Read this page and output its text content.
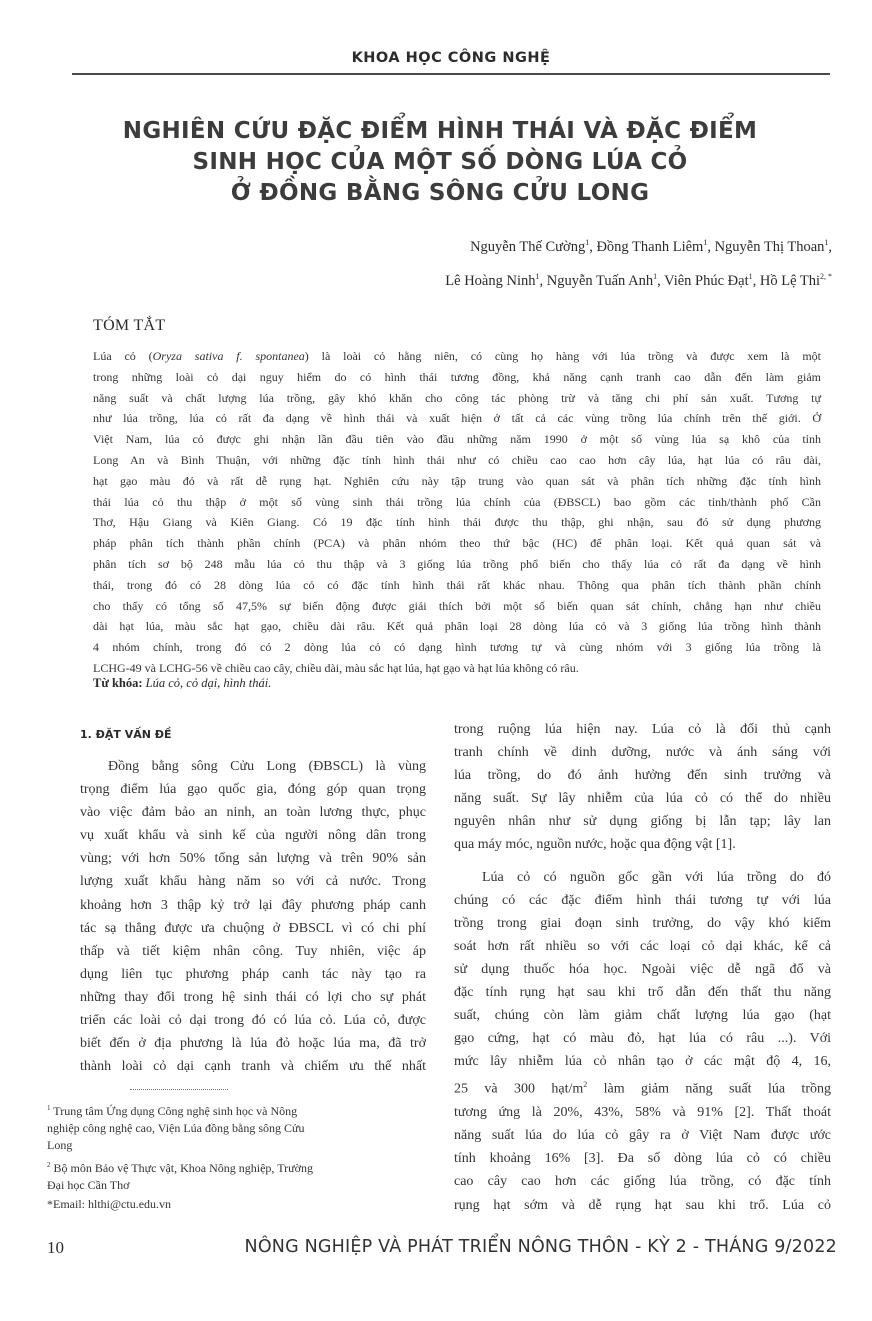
KHOA HỌC CÔNG NGHỆ
NGHIÊN CỨU ĐẶC ĐIỂM HÌNH THÁI VÀ ĐẶC ĐIỂM
SINH HỌC CỦA MỘT SỐ DÒNG LÚA CỎ
Ở ĐỒNG BẰNG SÔNG CỬU LONG
Nguyễn Thế Cường$^1$, Đồng Thanh Liêm$^1$, Nguyễn Thị Thoan$^1$,
Lê Hoàng Ninh$^1$, Nguyễn Tuấn Anh$^1$, Viên Phúc Đạt$^1$, Hồ Lệ Thi$^{2, *}$
TÓM TẮT
Lúa cỏ (Oryza sativa f. spontanea) là loài cỏ hằng niên, có cùng họ hàng với lúa trồng và được xem là một
trong những loài cỏ dại nguy hiểm do có hình thái tương đồng, khả năng cạnh tranh cao dẫn đến làm giảm
năng suất và chất lượng lúa trồng, gây khó khăn cho công tác phòng trừ và tăng chi phí sản xuất. Tương tự
như lúa trồng, lúa cỏ rất đa dạng về hình thái và xuất hiện ở tất cả các vùng trồng lúa chính trên thế giới. Ở
Việt Nam, lúa cỏ được ghi nhận lần đầu tiên vào đầu những năm 1990 ở một số vùng lúa sạ khô của tỉnh
Long An và Bình Thuận, với những đặc tính hình thái như có chiều cao cao hơn cây lúa, hạt lúa có râu dài,
hạt gạo màu đỏ và rất dễ rụng hạt. Nghiên cứu này tập trung vào quan sát và phân tích những đặc tính hình
thái lúa cỏ thu thập ở một số vùng sinh thái trồng lúa chính của (ĐBSCL) bao gồm các tỉnh/thành phố Cần
Thơ, Hậu Giang và Kiên Giang. Có 19 đặc tính hình thái được thu thập, ghi nhận, sau đó sử dụng phương
pháp phân tích thành phần chính (PCA) và phân nhóm theo thứ bậc (HC) để phân loại. Kết quả quan sát và
phân tích sơ bộ 248 mẫu lúa cỏ thu thập và 3 giống lúa trồng phổ biến cho thấy lúa cỏ rất đa dạng về hình
thái, trong đó có 28 dòng lúa cỏ có đặc tính hình thái rất khác nhau. Thông qua phân tích thành phần chính
cho thấy có tổng số 47,5% sự biến động được giải thích bởi một số biến quan sát chính, chẳng hạn như chiều
dài hạt lúa, màu sắc hạt gạo, chiều dài râu. Kết quả phân loại 28 dòng lúa cỏ và 3 giống lúa trồng hình thành
4 nhóm chính, trong đó có 2 dòng lúa cỏ có dạng hình tương tự và cùng nhóm với 3 giống lúa trồng là
LCHG-49 và LCHG-56 về chiều cao cây, chiều dài, màu sắc hạt lúa, hạt gạo và hạt lúa không có râu.
Từ khóa: Lúa cỏ, cỏ dại, hình thái.
1. ĐẶT VẤN ĐỀ
Đồng bằng sông Cửu Long (ĐBSCL) là vùng
trọng điểm lúa gạo quốc gia, đóng góp quan trọng
vào việc đảm bảo an ninh, an toàn lương thực, phục
vụ xuất khẩu và sinh kế của người nông dân trong
vùng; với hơn 50% tổng sản lượng và trên 90% sản
lượng xuất khẩu hàng năm so với cả nước. Trong
khoảng hơn 3 thập kỷ trở lại đây phương pháp canh
tác sạ thẳng được ưa chuộng ở ĐBSCL vì có chi phí
thấp và tiết kiệm nhân công. Tuy nhiên, việc áp
dụng liên tục phương pháp canh tác này tạo ra
những thay đổi trong hệ sinh thái có lợi cho sự phát
triển các loài cỏ dại trong đó có lúa cỏ. Lúa cỏ, được
biết đến ở địa phương là lúa đỏ hoặc lúa ma, đã trở
thành loài cỏ dại cạnh tranh và chiếm ưu thế nhất
trong ruộng lúa hiện nay. Lúa cỏ là đối thủ cạnh
tranh chính về dinh dưỡng, nước và ánh sáng với
lúa trồng, do đó ảnh hưởng đến sinh trưởng và
năng suất. Sự lây nhiễm của lúa cỏ có thể do nhiều
nguyên nhân như sử dụng giống bị lẫn tạp; lây lan
qua máy móc, nguồn nước, hoặc qua động vật [1].
Lúa cỏ có nguồn gốc gần với lúa trồng do đó
chúng có các đặc điểm hình thái tương tự với lúa
trồng trong giai đoạn sinh trưởng, do vậy khó kiểm
soát hơn rất nhiều so với các loại cỏ dại khác, kể cả
sử dụng thuốc hóa học. Ngoài việc dễ ngã đổ và
đặc tính rụng hạt sau khi trổ dẫn đến thất thu năng
suất, chúng còn làm giảm chất lượng lúa gạo (hạt
gạo cứng, hạt có màu đỏ, hạt lúa có râu ...). Với
mức lây nhiễm lúa cỏ nhân tạo ở các mật độ 4, 16,
25 và 300 hạt/$m^2$ làm giảm năng suất lúa trồng
tương ứng là 20%, 43%, 58% và 91% [2]. Thất thoát
năng suất lúa do lúa cỏ gây ra ở Việt Nam được ước
tính khoảng 16% [3]. Đa số dòng lúa cỏ có chiều
cao cây cao hơn các giống lúa trồng, có đặc tính
rụng hạt sớm và dễ rụng hạt sau khi trổ. Lúa cỏ
$^1$ Trung tâm Ứng dụng Công nghệ sinh học và Nông
nghiệp công nghệ cao, Viện Lúa đồng bằng sông Cửu
Long
$^2$ Bộ môn Bảo vệ Thực vật, Khoa Nông nghiệp, Trường
Đại học Cần Thơ
*Email: hlthi@ctu.edu.vn
10	NÔNG NGHIỆP VÀ PHÁT TRIỂN NÔNG THÔN - KỲ 2 - THÁNG 9/2022
